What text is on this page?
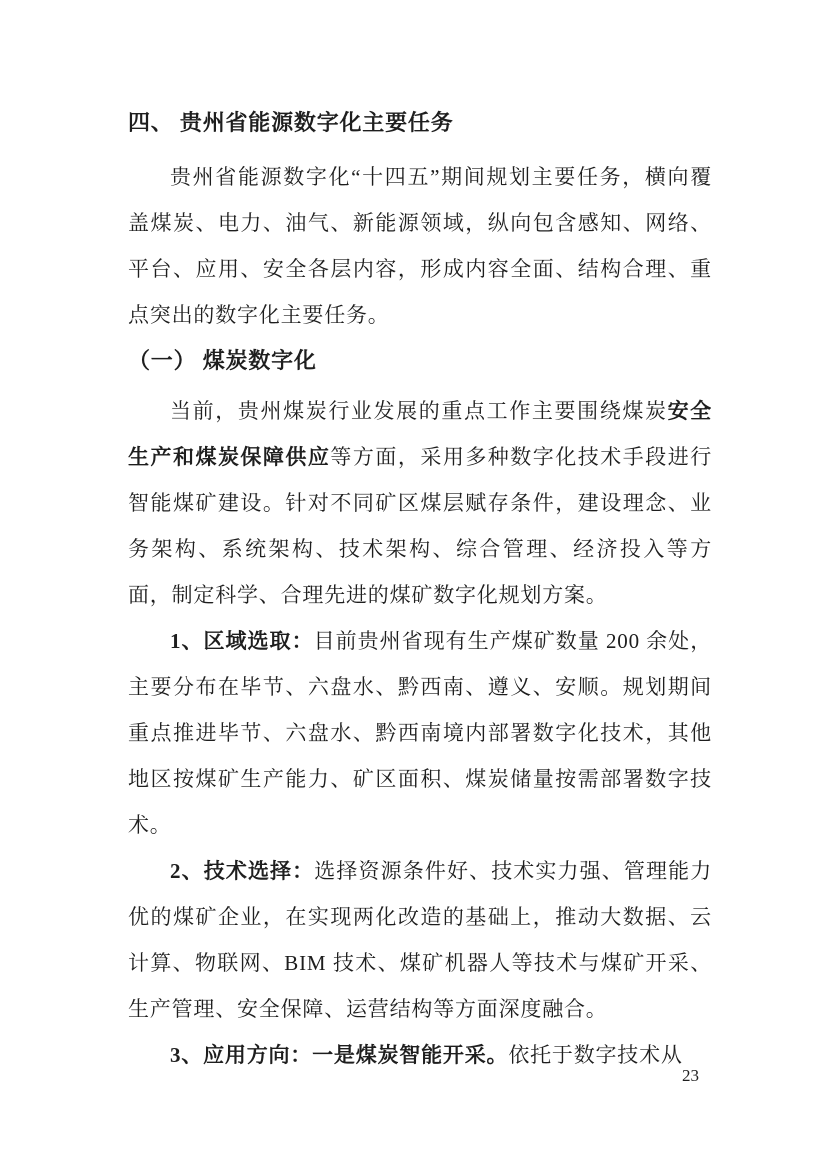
四、 贵州省能源数字化主要任务

贵州省能源数字化“十四五”期间规划主要任务，横向覆盖煤炭、电力、油气、新能源领域，纵向包含感知、网络、平台、应用、安全各层内容，形成内容全面、结构合理、重点突出的数字化主要任务。

（一） 煤炭数字化

当前，贵州煤炭行业发展的重点工作主要围绕煤炭安全生产和煤炭保障供应等方面，采用多种数字化技术手段进行智能煤矿建设。针对不同矿区煤层赋存条件，建设理念、业务架构、系统架构、技术架构、综合管理、经济投入等方面，制定科学、合理先进的煤矿数字化规划方案。

1、区域选取：目前贵州省现有生产煤矿数量 200 余处，主要分布在毕节、六盘水、黔西南、遵义、安顺。规划期间重点推进毕节、六盘水、黔西南境内部署数字化技术，其他地区按煤矿生产能力、矿区面积、煤炭储量按需部署数字技术。

2、技术选择：选择资源条件好、技术实力强、管理能力优的煤矿企业，在实现两化改造的基础上，推动大数据、云计算、物联网、BIM 技术、煤矿机器人等技术与煤矿开采、生产管理、安全保障、运营结构等方面深度融合。

3、应用方向：一是煤炭智能开采。依托于数字技术从

23
